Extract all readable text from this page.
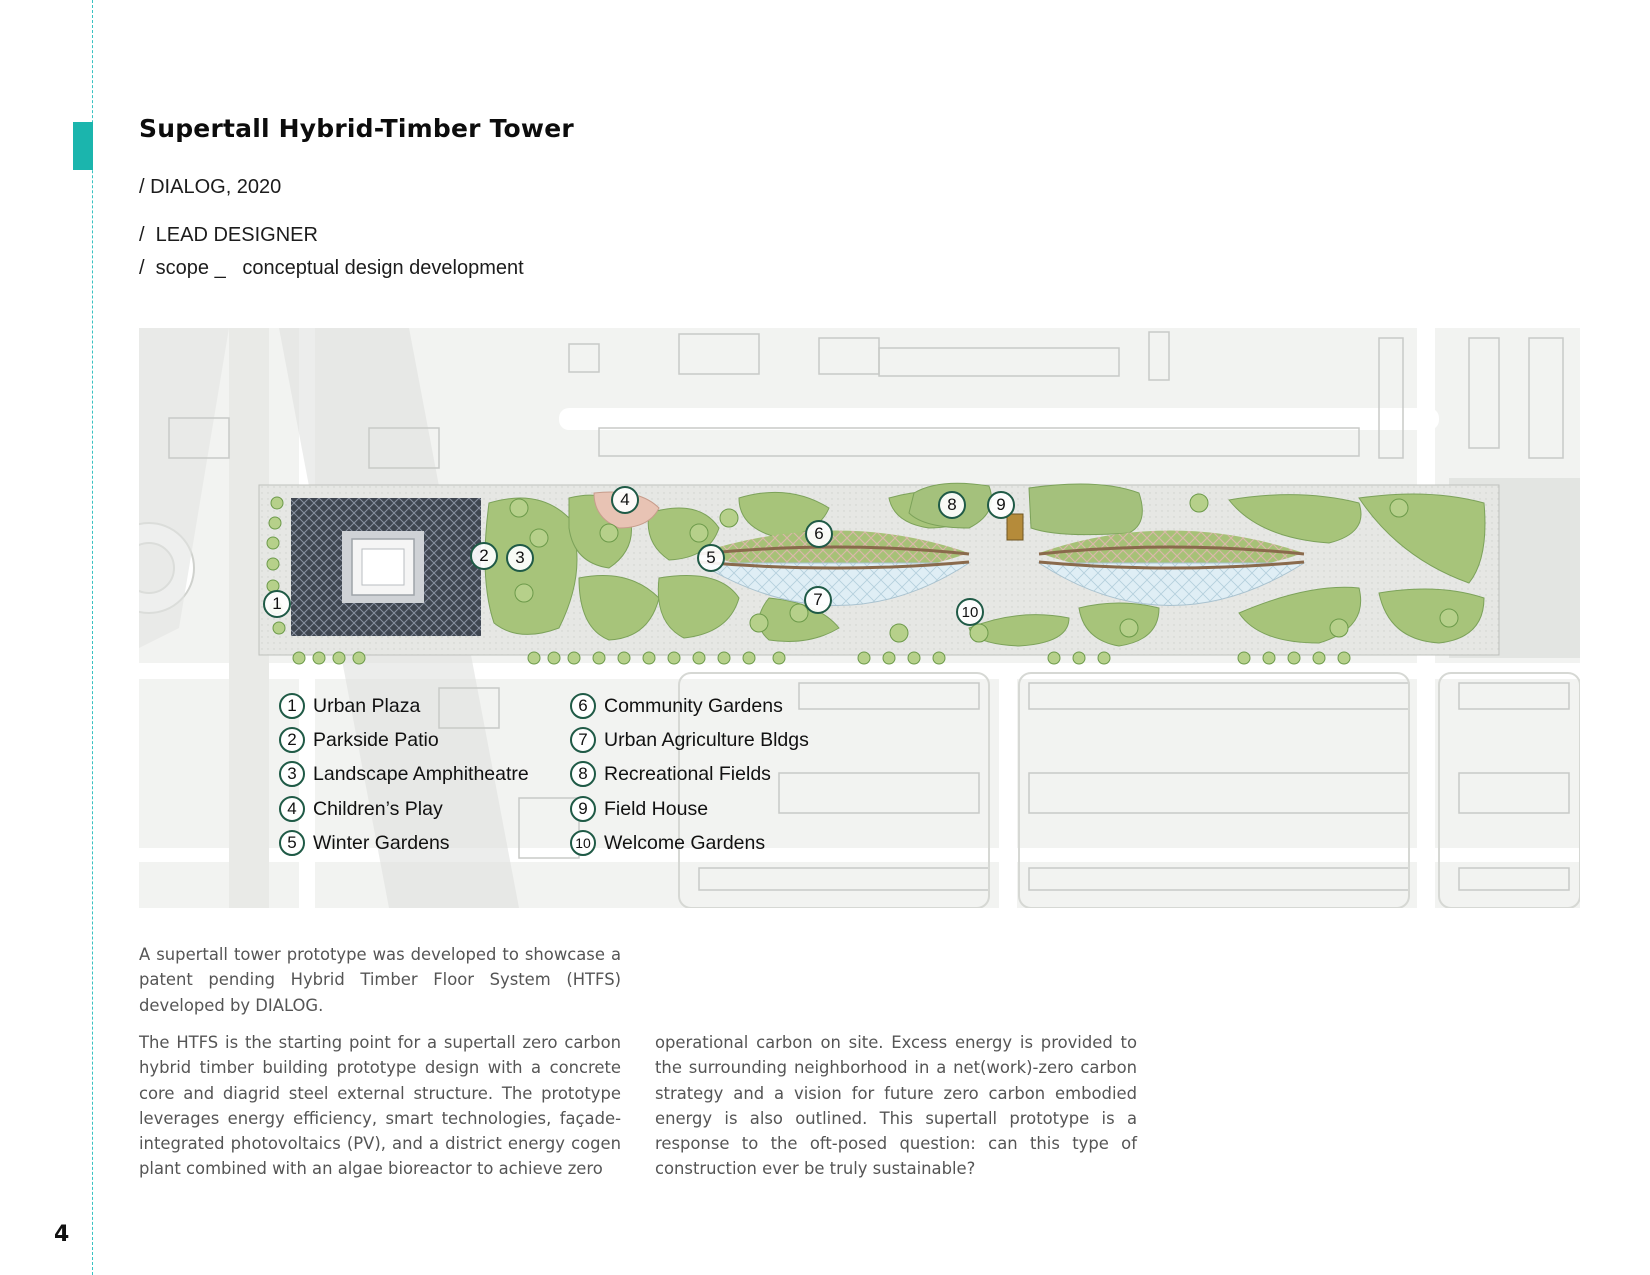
Supertall Hybrid-Timber Tower

/ DIALOG, 2020

/  LEAD DESIGNER

/  scope _   conceptual design development

1
2	3
4
5
6
7
8	9
10
1 Urban Plaza
2 Parkside Patio
3 Landscape Amphitheatre
4 Children’s Play
5 Winter Gardens
6 Community Gardens
7 Urban Agriculture Bldgs
8 Recreational Fields
9 Field House
10 Welcome Gardens

A supertall tower prototype was developed to showcase a patent pending Hybrid Timber Floor System (HTFS) developed by DIALOG.

The HTFS is the starting point for a supertall zero carbon hybrid timber building prototype design with a concrete core and diagrid steel external structure. The prototype leverages energy efficiency, smart technologies, façade-integrated photovoltaics (PV), and a district energy cogen plant combined with an algae bioreactor to achieve zero

operational carbon on site. Excess energy is provided to the surrounding neighborhood in a net(work)-zero carbon strategy and a vision for future zero carbon embodied energy is also outlined. This supertall prototype is a response to the oft-posed question: can this type of construction ever be truly sustainable?

4
